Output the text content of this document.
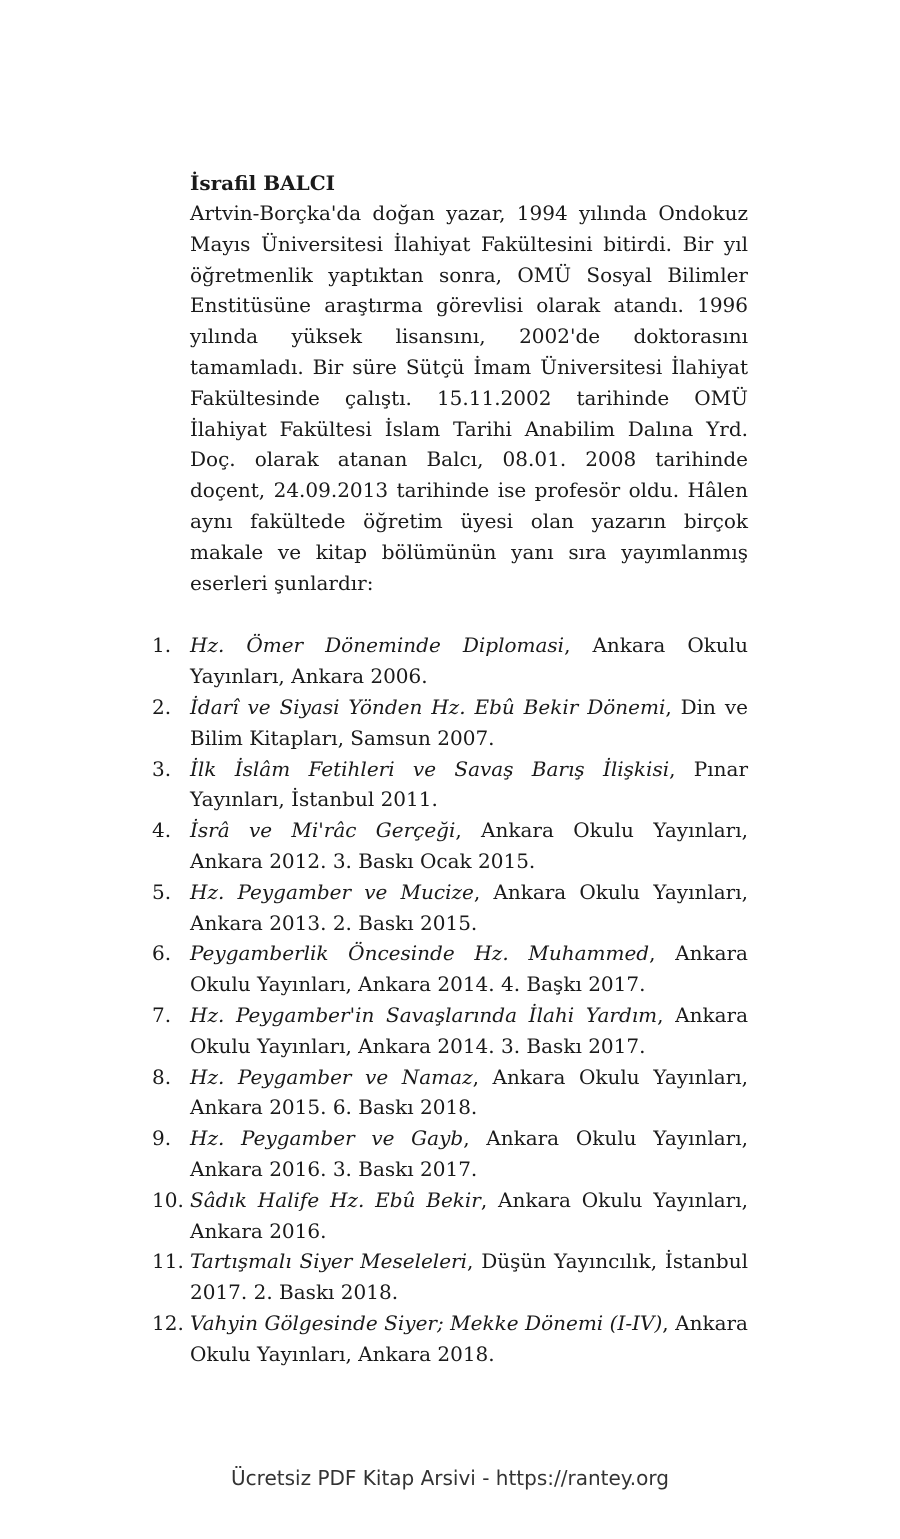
İsrafil BALCI

Artvin-Borçka'da doğan yazar, 1994 yılında Ondokuz Mayıs Üniversitesi İlahiyat Fakültesini bitirdi. Bir yıl öğretmenlik yaptıktan sonra, OMÜ Sosyal Bilimler Enstitüsüne araştırma görevlisi olarak atandı. 1996 yılında yüksek lisansını, 2002'de doktorasını tamamladı. Bir süre Sütçü İmam Üniversitesi İlahiyat Fakültesinde çalıştı. 15.11.2002 tarihinde OMÜ İlahiyat Fakültesi İslam Tarihi Anabilim Dalına Yrd. Doç. olarak atanan Balcı, 08.01. 2008 tarihinde doçent, 24.09.2013 tarihinde ise profesör oldu. Hâlen aynı fakültede öğretim üyesi olan yazarın birçok makale ve kitap bölümünün yanı sıra yayımlanmış eserleri şunlardır:

1. Hz. Ömer Döneminde Diplomasi, Ankara Okulu Yayınları, Ankara 2006.
2. İdarî ve Siyasi Yönden Hz. Ebû Bekir Dönemi, Din ve Bilim Kitapları, Samsun 2007.
3. İlk İslâm Fetihleri ve Savaş Barış İlişkisi, Pınar Yayınları, İstanbul 2011.
4. İsrâ ve Mi'râc Gerçeği, Ankara Okulu Yayınları, Ankara 2012. 3. Baskı Ocak 2015.
5. Hz. Peygamber ve Mucize, Ankara Okulu Yayınları, Ankara 2013. 2. Baskı 2015.
6. Peygamberlik Öncesinde Hz. Muhammed, Ankara Okulu Yayınları, Ankara 2014. 4. Başkı 2017.
7. Hz. Peygamber'in Savaşlarında İlahi Yardım, Ankara Okulu Yayınları, Ankara 2014. 3. Baskı 2017.
8. Hz. Peygamber ve Namaz, Ankara Okulu Yayınları, Ankara 2015. 6. Baskı 2018.
9. Hz. Peygamber ve Gayb, Ankara Okulu Yayınları, Ankara 2016. 3. Baskı 2017.
10. Sâdık Halife Hz. Ebû Bekir, Ankara Okulu Yayınları, Ankara 2016.
11. Tartışmalı Siyer Meseleleri, Düşün Yayıncılık, İstanbul 2017. 2. Baskı 2018.
12. Vahyin Gölgesinde Siyer; Mekke Dönemi (I-IV), Ankara Okulu Yayınları, Ankara 2018.
Ücretsiz PDF Kitap Arsivi - https://rantey.org
